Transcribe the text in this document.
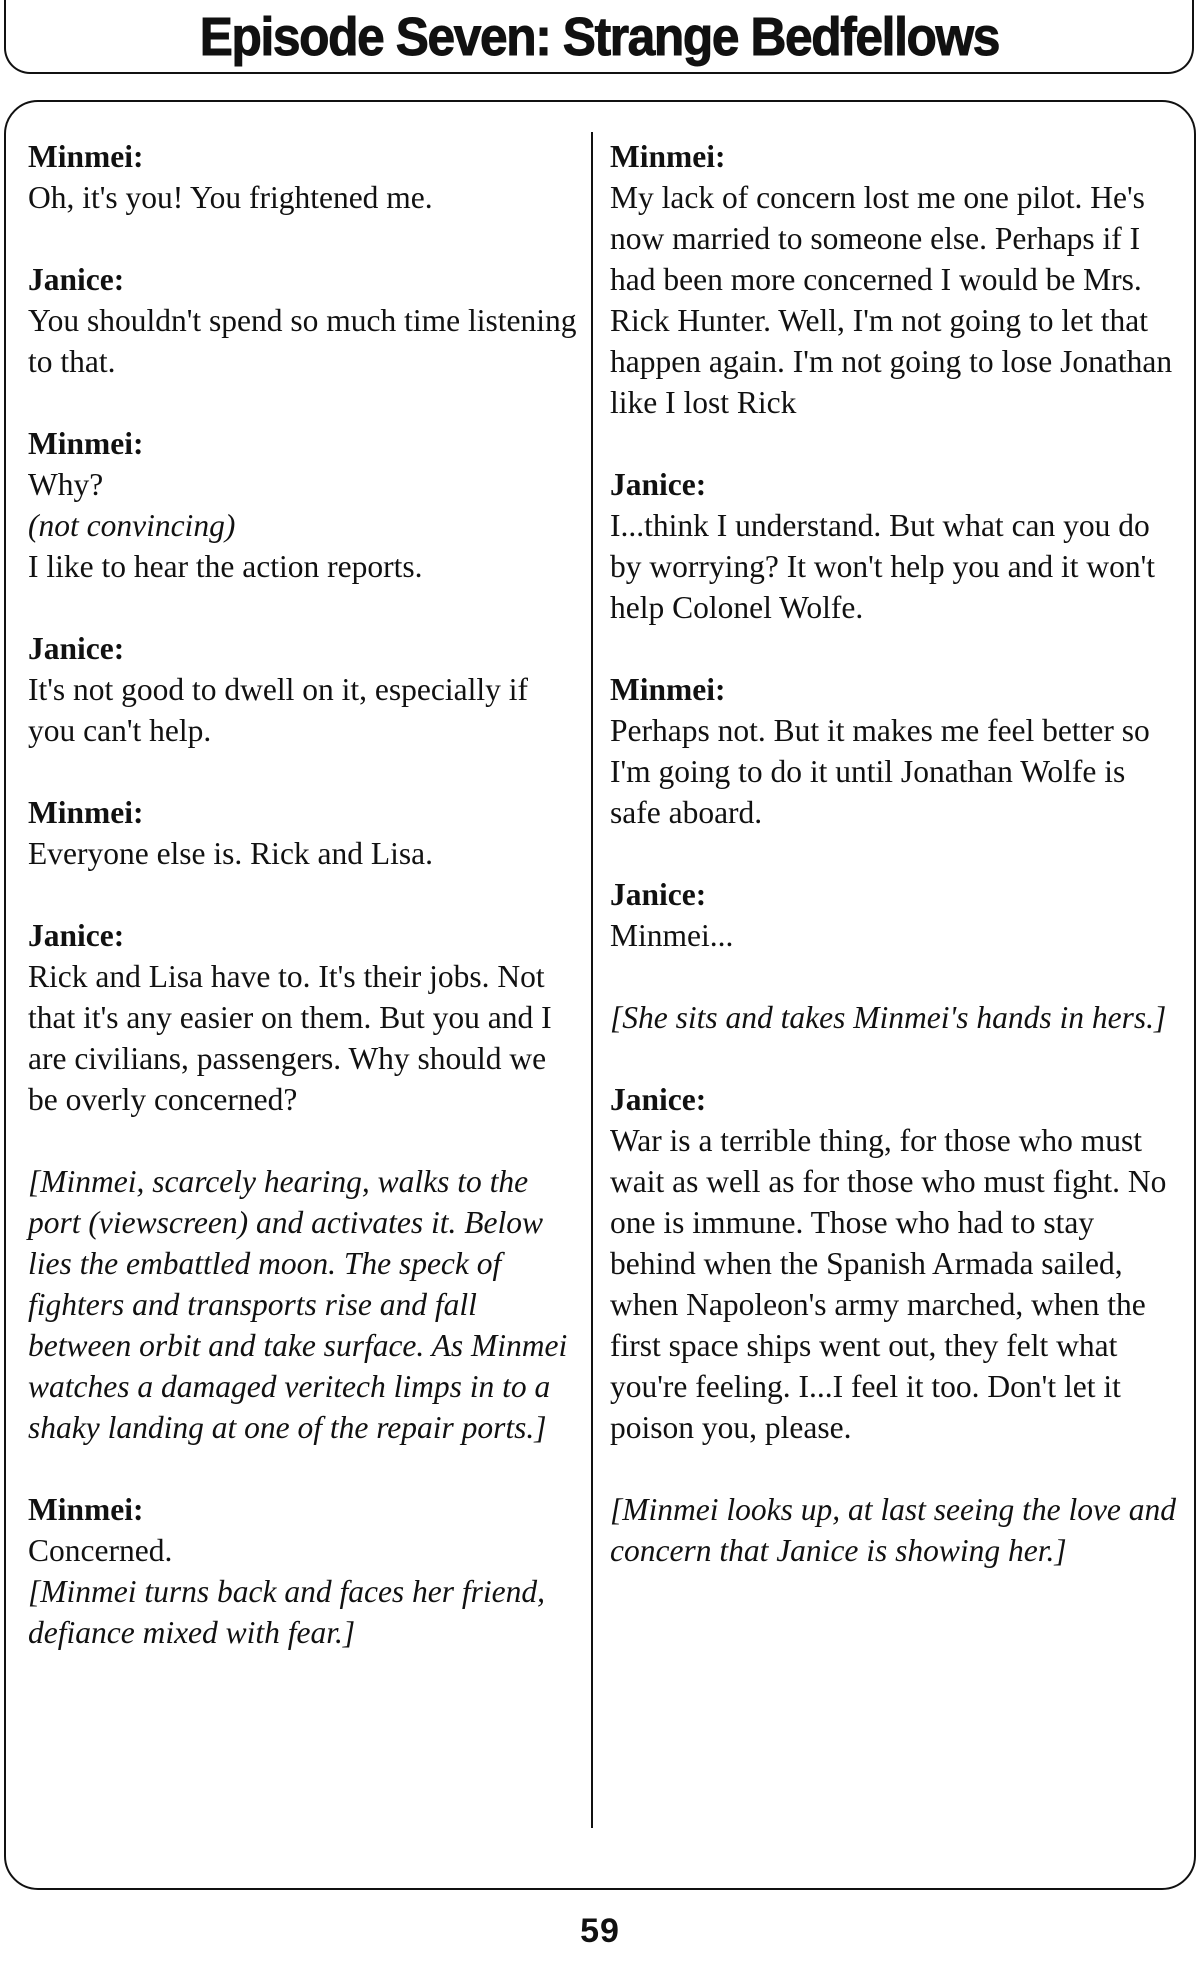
Episode Seven: Strange Bedfellows

Minmei:

Oh, it's you! You frightened me.

Janice:

You shouldn't spend so much time listening to that.

Minmei:

Why?

(not convincing)

I like to hear the action reports.

Janice:

It's not good to dwell on it, especially if you can't help.

Minmei:

Everyone else is. Rick and Lisa.

Janice:

Rick and Lisa have to. It's their jobs. Not that it's any easier on them. But you and I are civilians, passengers. Why should we be overly concerned?

[Minmei, scarcely hearing, walks to the port (viewscreen) and activates it. Below lies the embattled moon. The speck of fighters and transports rise and fall between orbit and take surface. As Minmei watches a damaged veritech limps in to a shaky landing at one of the repair ports.]

Minmei:

Concerned.

[Minmei turns back and faces her friend, defiance mixed with fear.]

Minmei:

My lack of concern lost me one pilot. He's now married to someone else. Perhaps if I had been more concerned I would be Mrs. Rick Hunter. Well, I'm not going to let that happen again. I'm not going to lose Jonathan like I lost Rick

Janice:

I...think I understand. But what can you do by worrying? It won't help you and it won't help Colonel Wolfe.

Minmei:

Perhaps not. But it makes me feel better so I'm going to do it until Jonathan Wolfe is safe aboard.

Janice:

Minmei...

[She sits and takes Minmei's hands in hers.]

Janice:

War is a terrible thing, for those who must wait as well as for those who must fight. No one is immune. Those who had to stay behind when the Spanish Armada sailed, when Napoleon's army marched, when the first space ships went out, they felt what you're feeling. I...I feel it too. Don't let it poison you, please.

[Minmei looks up, at last seeing the love and concern that Janice is showing her.]

59
